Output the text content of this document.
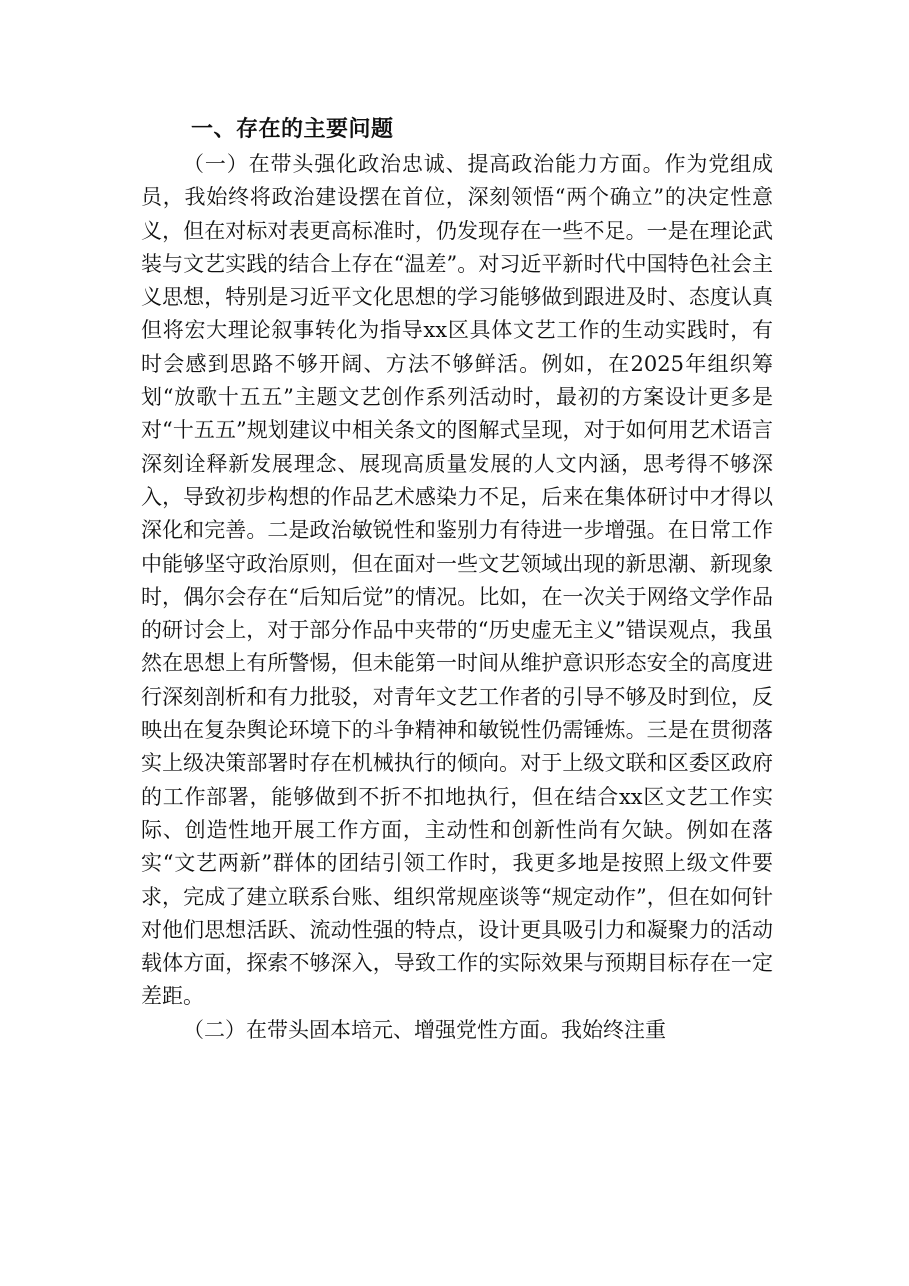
一、存在的主要问题

（一）在带头强化政治忠诚、提高政治能力方面。作为党组成员，我始终将政治建设摆在首位，深刻领悟“两个确立”的决定性意义，但在对标对表更高标准时，仍发现存在一些不足。一是在理论武装与文艺实践的结合上存在“温差”。对习近平新时代中国特色社会主义思想，特别是习近平文化思想的学习能够做到跟进及时、态度认真但将宏大理论叙事转化为指导xx区具体文艺工作的生动实践时，有时会感到思路不够开阔、方法不够鲜活。例如，在2025年组织筹划“放歌十五五”主题文艺创作系列活动时，最初的方案设计更多是对“十五五”规划建议中相关条文的图解式呈现，对于如何用艺术语言深刻诠释新发展理念、展现高质量发展的人文内涵，思考得不够深入，导致初步构想的作品艺术感染力不足，后来在集体研讨中才得以深化和完善。二是政治敏锐性和鉴别力有待进一步增强。在日常工作中能够坚守政治原则，但在面对一些文艺领域出现的新思潮、新现象时，偶尔会存在“后知后觉”的情况。比如，在一次关于网络文学作品的研讨会上，对于部分作品中夹带的“历史虚无主义”错误观点，我虽然在思想上有所警惕，但未能第一时间从维护意识形态安全的高度进行深刻剖析和有力批驳，对青年文艺工作者的引导不够及时到位，反映出在复杂舆论环境下的斗争精神和敏锐性仍需锤炼。三是在贯彻落实上级决策部署时存在机械执行的倾向。对于上级文联和区委区政府的工作部署，能够做到不折不扣地执行，但在结合xx区文艺工作实际、创造性地开展工作方面，主动性和创新性尚有欠缺。例如在落实“文艺两新”群体的团结引领工作时，我更多地是按照上级文件要求，完成了建立联系台账、组织常规座谈等“规定动作”，但在如何针对他们思想活跃、流动性强的特点，设计更具吸引力和凝聚力的活动载体方面，探索不够深入，导致工作的实际效果与预期目标存在一定差距。

（二）在带头固本培元、增强党性方面。我始终注重
